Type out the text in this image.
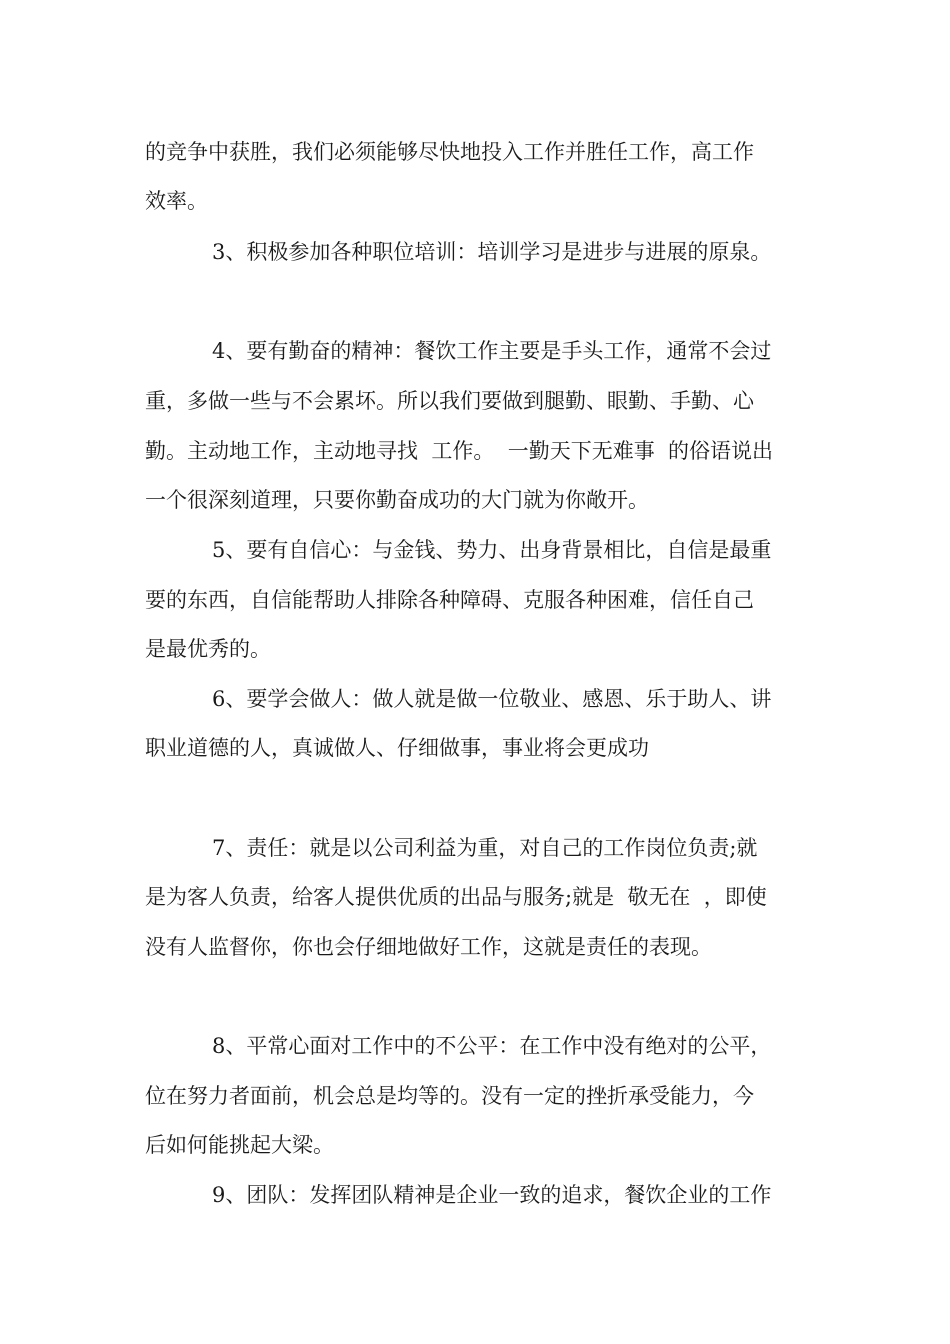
的竞争中获胜，我们必须能够尽快地投入工作并胜任工作，高工作
效率。
3、积极参加各种职位培训：培训学习是进步与进展的原泉。
4、要有勤奋的精神：餐饮工作主要是手头工作，通常不会过
重，多做一些与不会累坏。所以我们要做到腿勤、眼勤、手勤、心
勤。主动地工作，主动地寻找  工作。  一勤天下无难事  的俗语说出
一个很深刻道理，只要你勤奋成功的大门就为你敞开。
5、要有自信心：与金钱、势力、出身背景相比，自信是最重
要的东西，自信能帮助人排除各种障碍、克服各种困难，信任自己
是最优秀的。
6、要学会做人：做人就是做一位敬业、感恩、乐于助人、讲
职业道德的人，真诚做人、仔细做事，事业将会更成功
7、责任：就是以公司利益为重，对自己的工作岗位负责;就
是为客人负责，给客人提供优质的出品与服务;就是  敬无在  ，即使
没有人监督你，你也会仔细地做好工作，这就是责任的表现。
8、平常心面对工作中的不公平：在工作中没有绝对的公平，
位在努力者面前，机会总是均等的。没有一定的挫折承受能力，今
后如何能挑起大梁。
9、团队：发挥团队精神是企业一致的追求，餐饮企业的工作
